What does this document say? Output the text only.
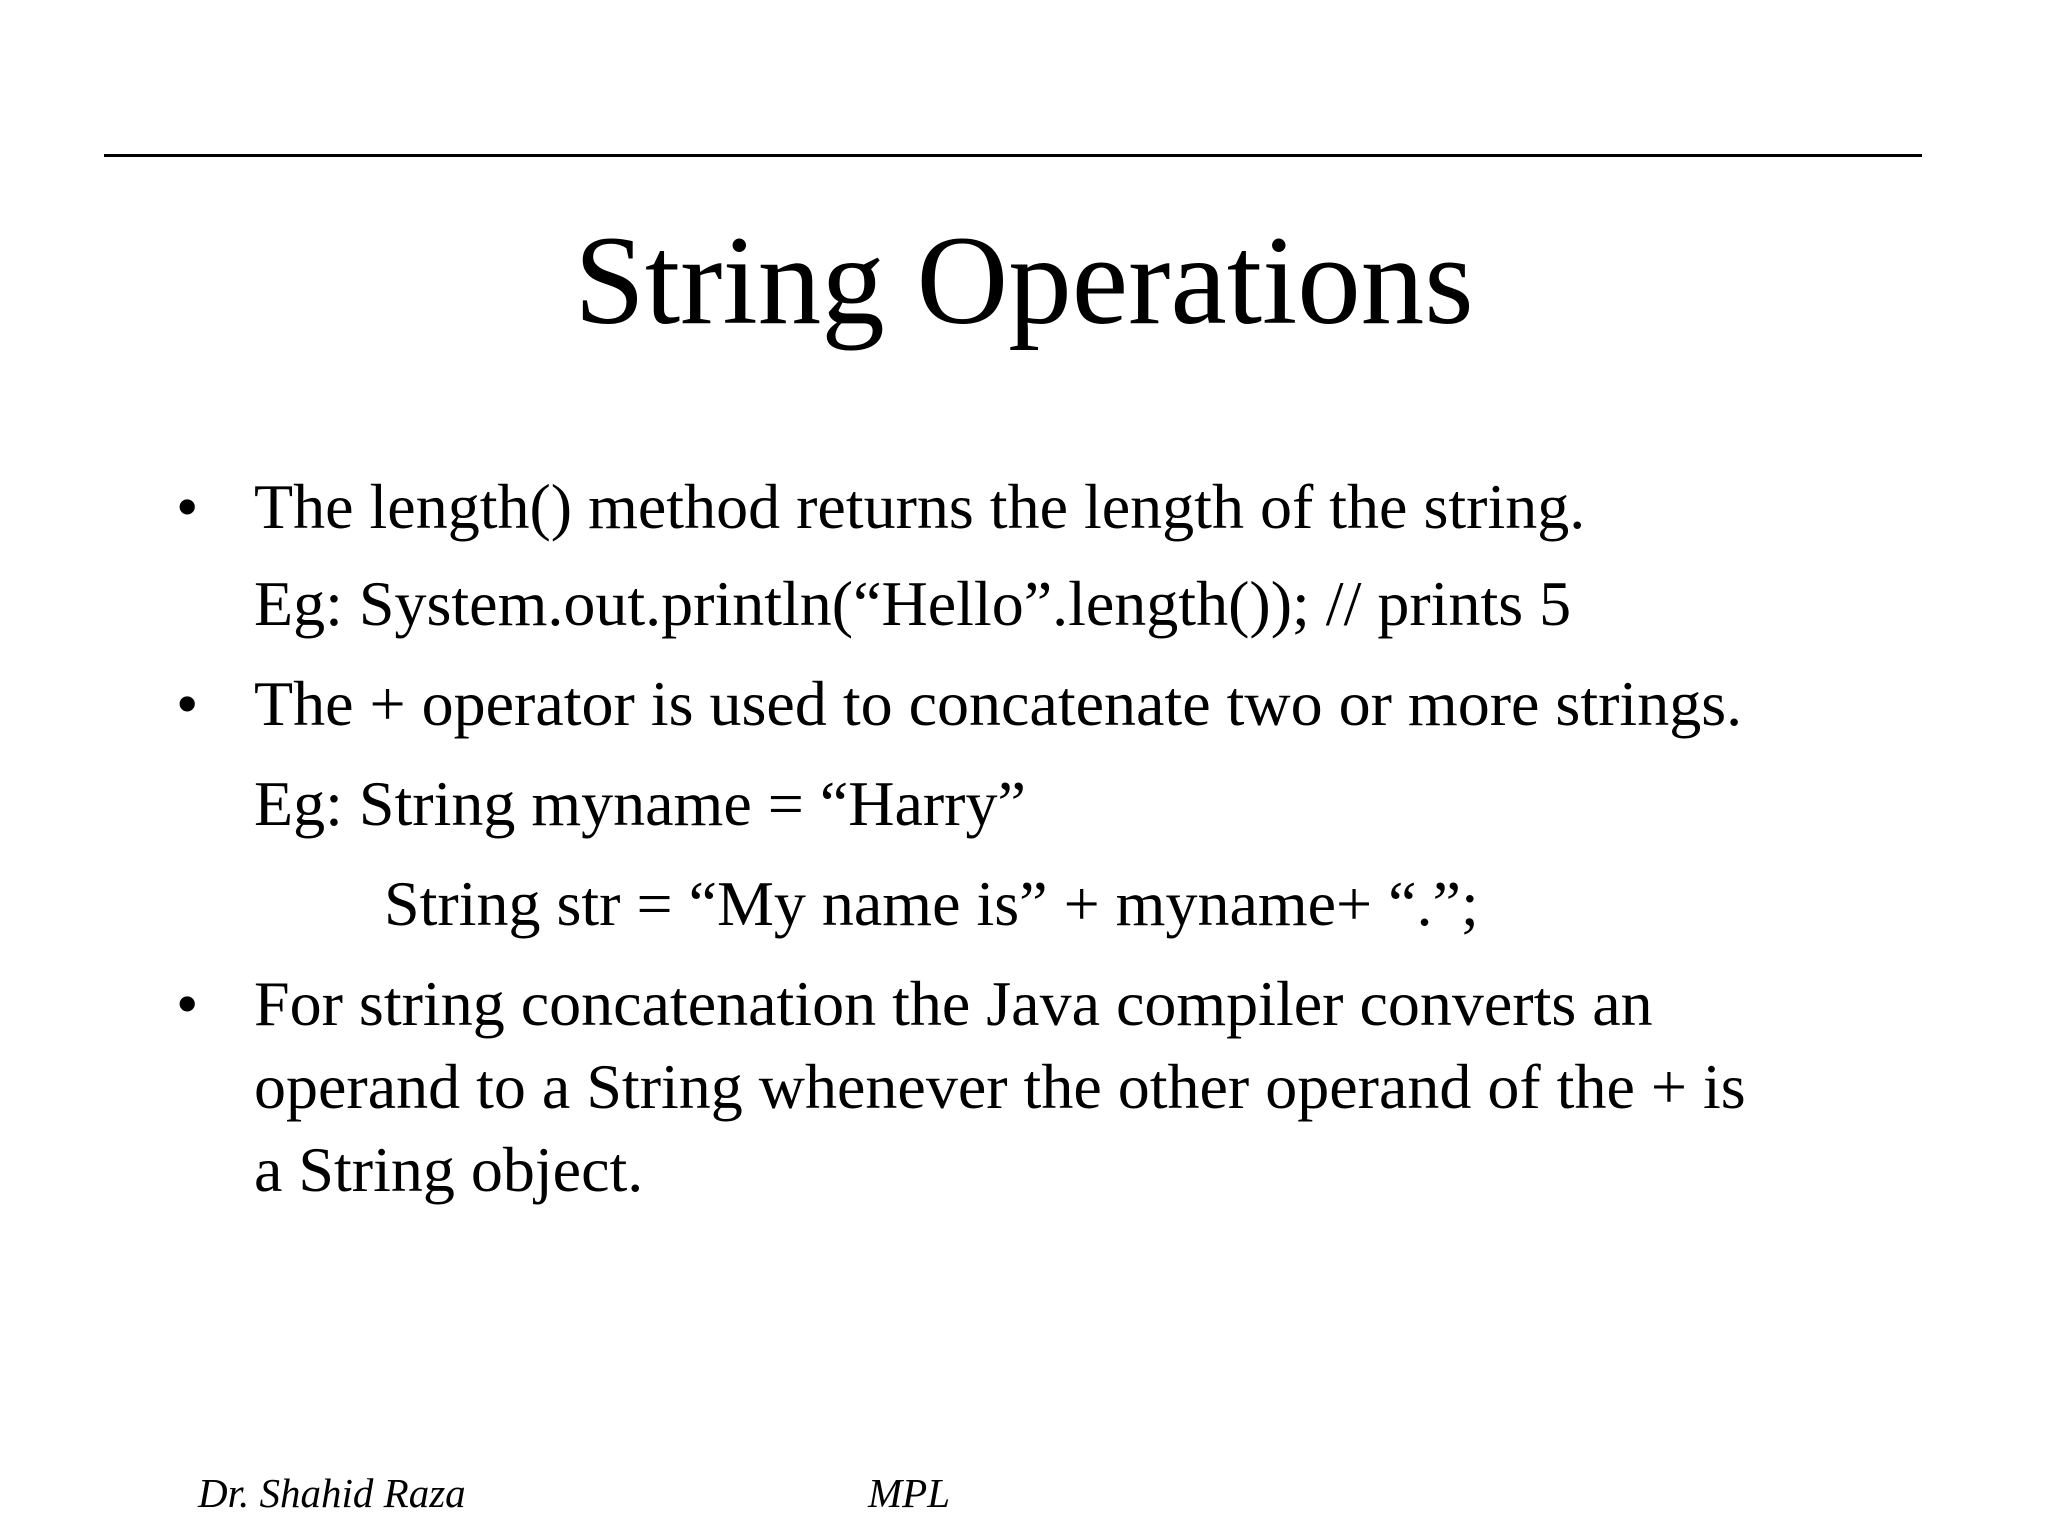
String Operations
• The length() method returns the length of the string.
Eg: System.out.println(“Hello”.length()); // prints 5
• The + operator is used to concatenate two or more strings.
Eg: String myname = “Harry”
String str = “My name is” + myname+ “.”;
• For string concatenation the Java compiler converts an
operand to a String whenever the other operand of the + is
a String object.
Dr. Shahid Raza	MPL
